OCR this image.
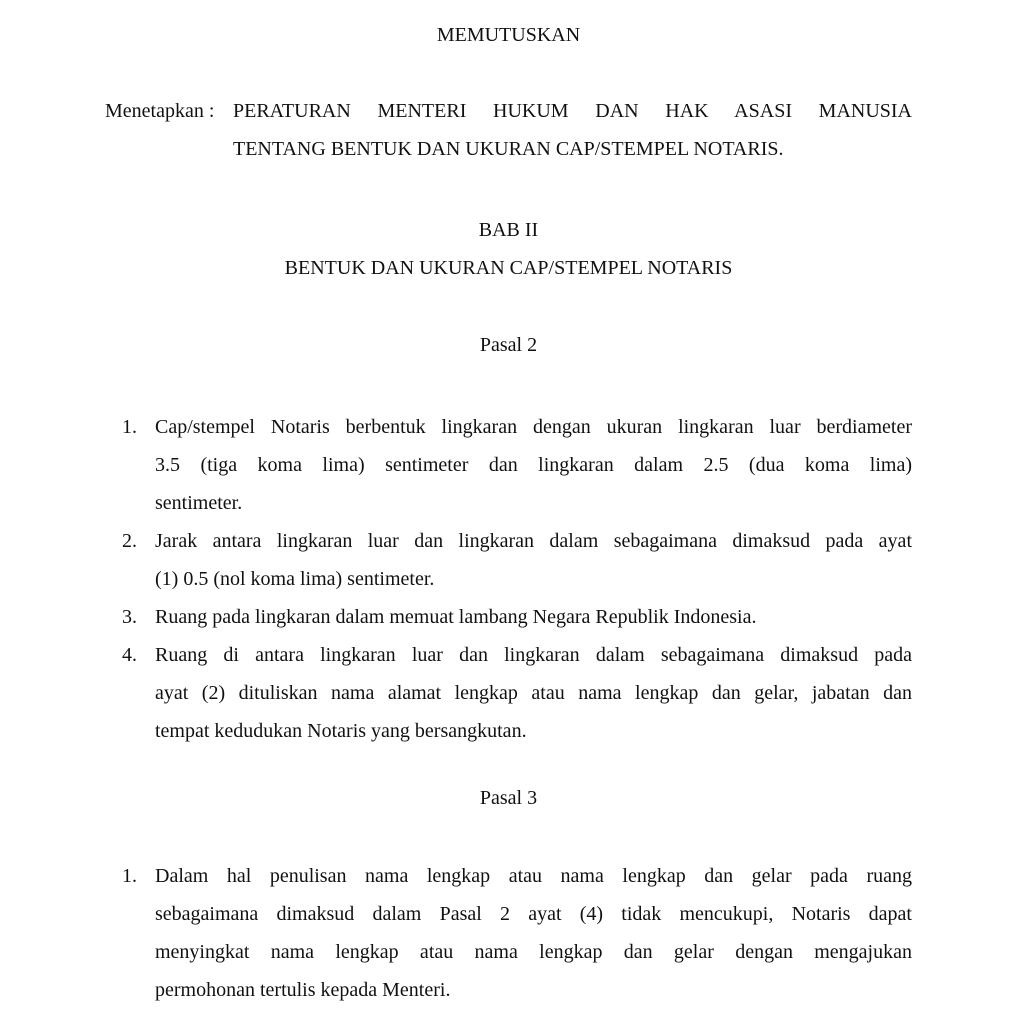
MEMUTUSKAN
Menetapkan : PERATURAN MENTERI HUKUM DAN HAK ASASI MANUSIA
TENTANG BENTUK DAN UKURAN CAP/STEMPEL NOTARIS.
BAB II
BENTUK DAN UKURAN CAP/STEMPEL NOTARIS
Pasal 2
1. Cap/stempel Notaris berbentuk lingkaran dengan ukuran lingkaran luar berdiameter
3.5 (tiga koma lima) sentimeter dan lingkaran dalam 2.5 (dua koma lima)
sentimeter.
2. Jarak antara lingkaran luar dan lingkaran dalam sebagaimana dimaksud pada ayat
(1) 0.5 (nol koma lima) sentimeter.
3. Ruang pada lingkaran dalam memuat lambang Negara Republik Indonesia.
4. Ruang di antara lingkaran luar dan lingkaran dalam sebagaimana dimaksud pada
ayat (2) dituliskan nama alamat lengkap atau nama lengkap dan gelar, jabatan dan
tempat kedudukan Notaris yang bersangkutan.
Pasal 3
1. Dalam hal penulisan nama lengkap atau nama lengkap dan gelar pada ruang
sebagaimana dimaksud dalam Pasal 2 ayat (4) tidak mencukupi, Notaris dapat
menyingkat nama lengkap atau nama lengkap dan gelar dengan mengajukan
permohonan tertulis kepada Menteri.
